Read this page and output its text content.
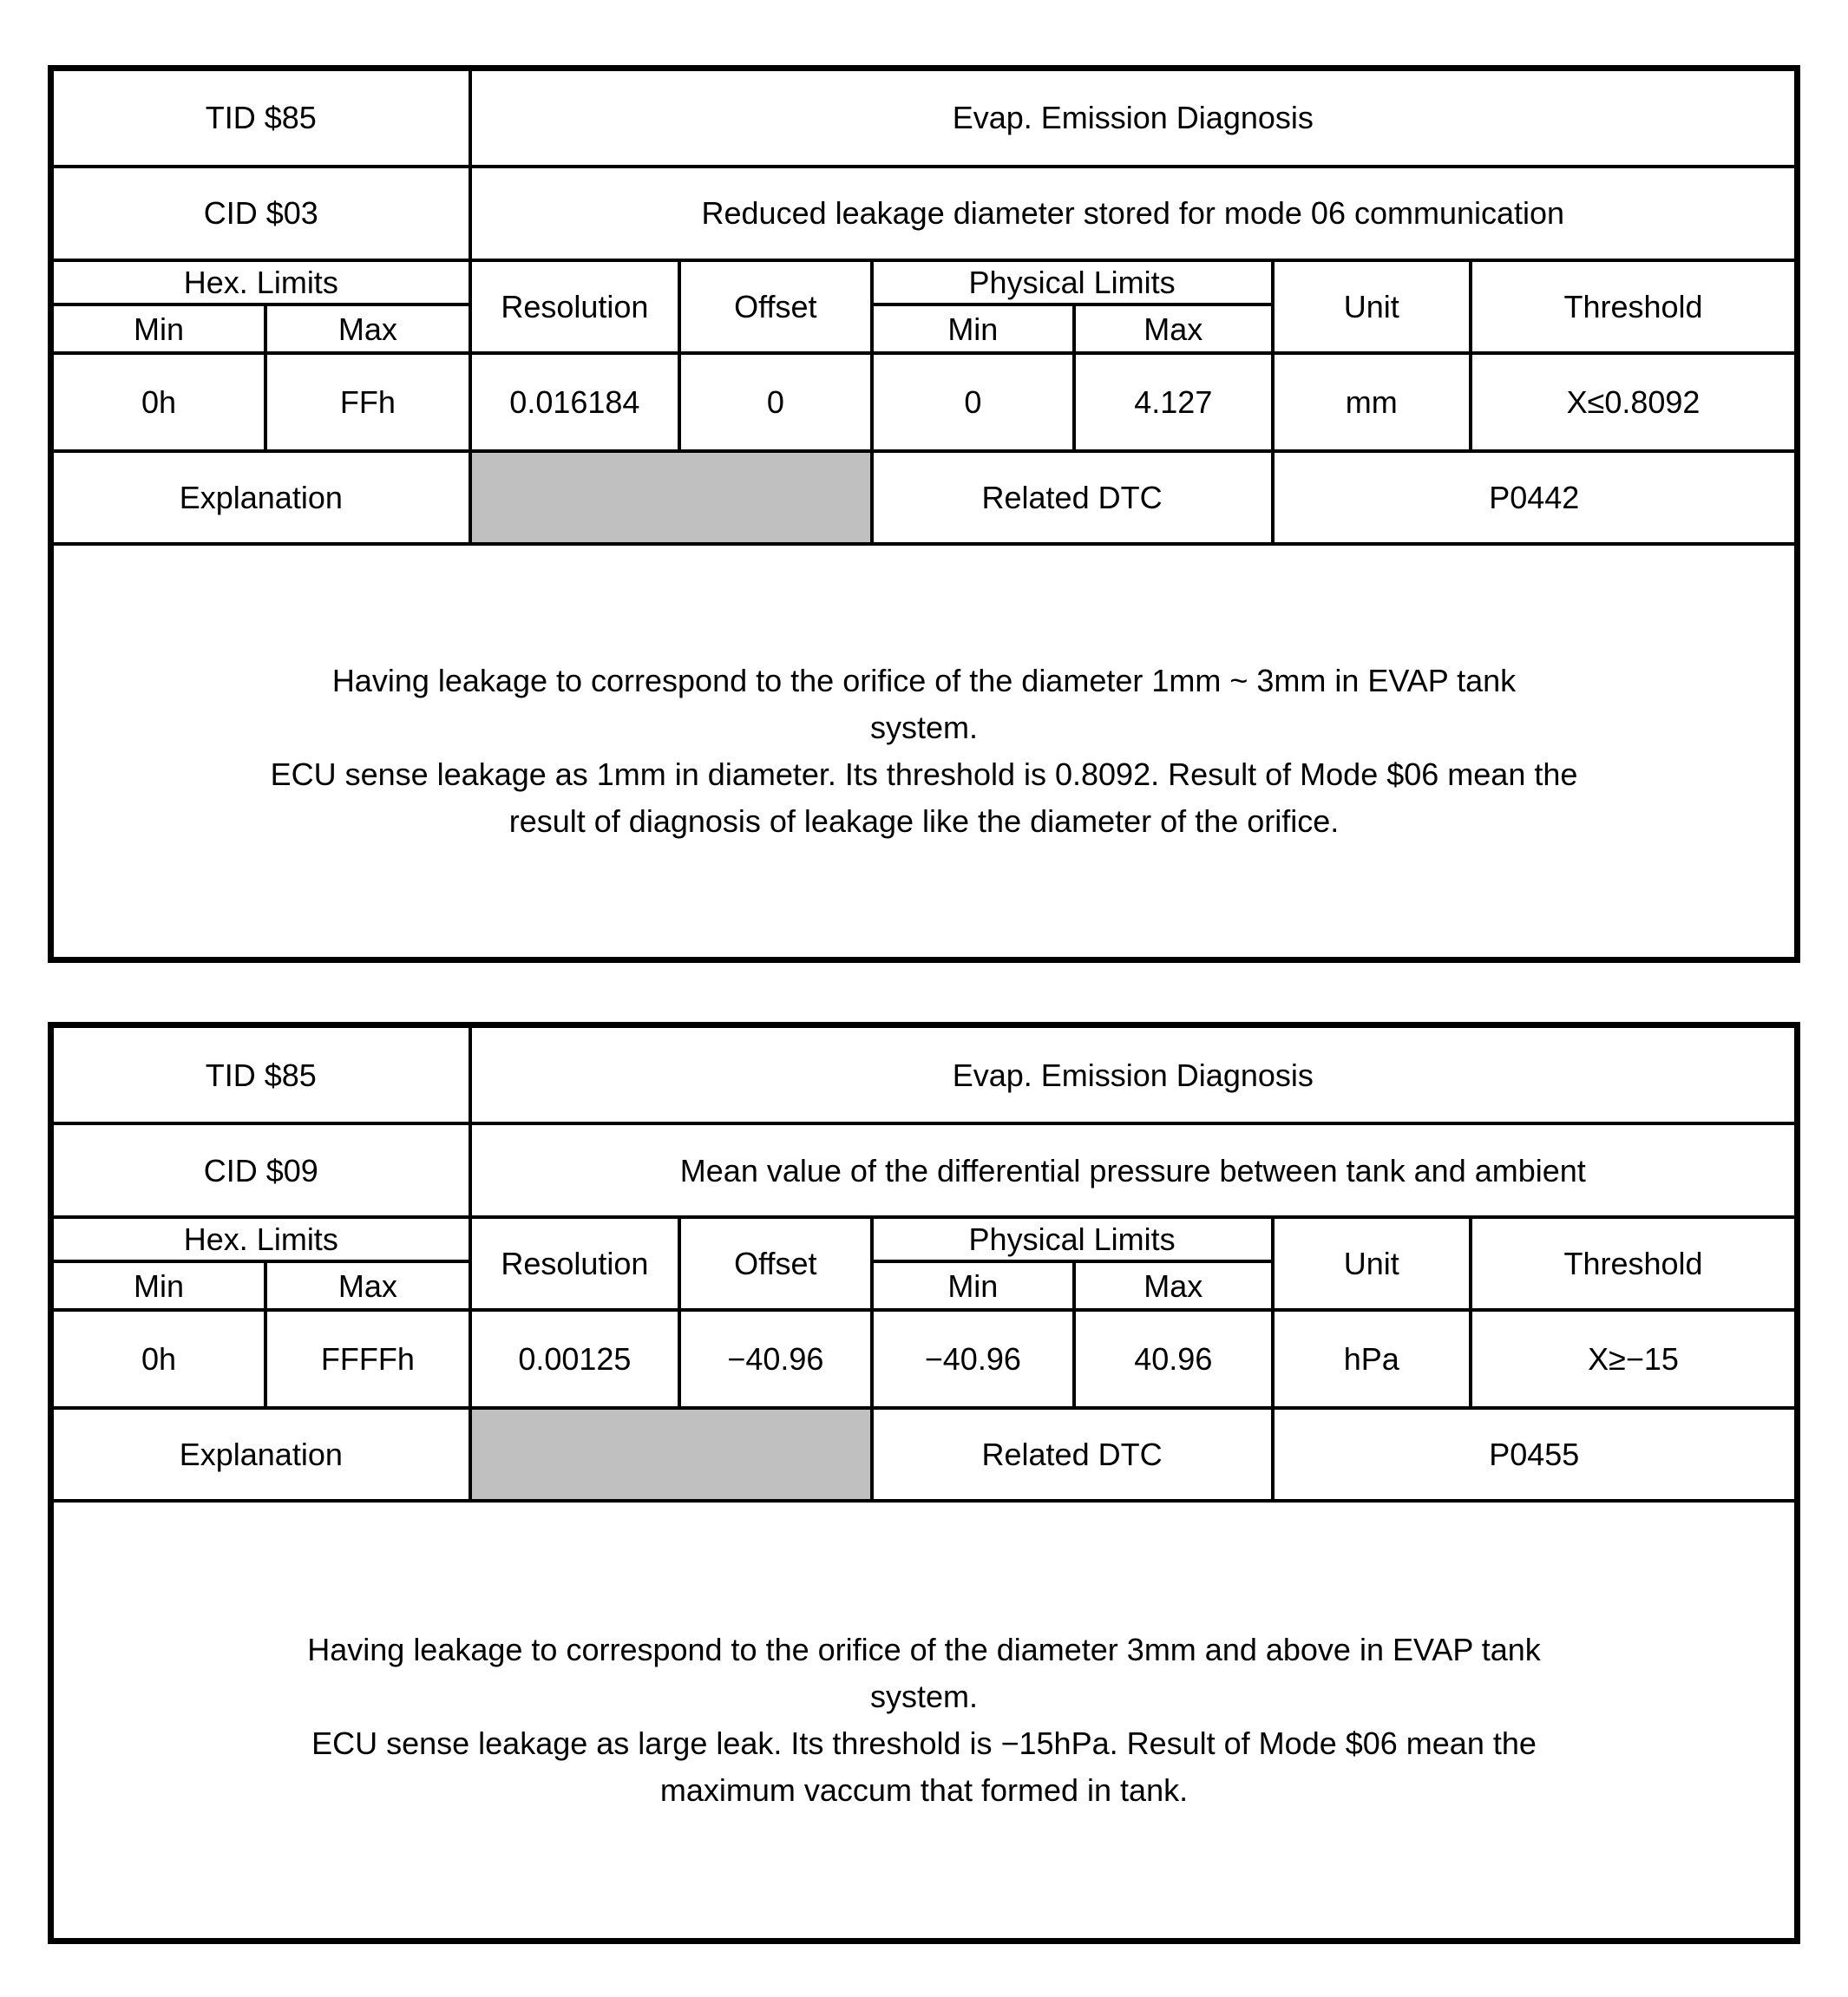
TID $85		Evap. Emission Diagnosis					
CID $03		Reduced leakage diameter stored for mode 06 communication					
Hex. Limits		Resolution	Offset	Physical Limits		Unit	Threshold
Min	Max			Min	Max		
0h	FFh	0.016184	0	0	4.127	mm	X≤0.8092
Explanation				Related DTC		P0442	

Having leakage to correspond to the orifice of the diameter 1mm ~ 3mm in EVAP tank
system.
ECU sense leakage as 1mm in diameter. Its threshold is 0.8092. Result of Mode $06 mean the
result of diagnosis of leakage like the diameter of the orifice.							
TID $85		Evap. Emission Diagnosis					
CID $09		Mean value of the differential pressure between tank and ambient					
Hex. Limits		Resolution	Offset	Physical Limits		Unit	Threshold
Min	Max			Min	Max		
0h	FFFFh	0.00125	−40.96	−40.96	40.96	hPa	X≥−15
Explanation				Related DTC		P0455	

Having leakage to correspond to the orifice of the diameter 3mm and above in EVAP tank
system.
ECU sense leakage as large leak. Its threshold is −15hPa. Result of Mode $06 mean the
maximum vaccum that formed in tank.							
